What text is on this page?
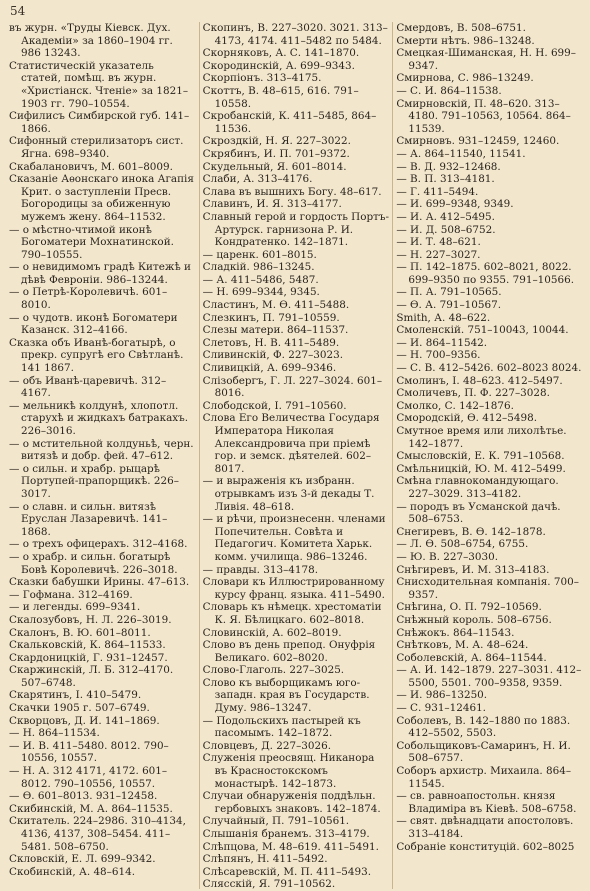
54

въ журн. «Труды Кіевск. Дух. Академіи» за 1860–1904 гг. 986 13243.

Статистическій указатель статей, помѣщ. въ журн. «Христіанск. Чтеніе» за 1821–1903 гг. 790–10554.

Сифилисъ Симбирской губ. 141–1866.

Сифонный стерилизаторъ сист. Ягна. 698–9340.

Скабалановичъ, М. 601–8009.

Сказаніе Аѳонскаго инока Агапія Крит. о заступленіи Пресв. Богородицы за обиженную мужемъ жену. 864–11532.

— о мѣстно-чтимой иконѣ Богоматери Мохнатинской. 790–10555.

— о невидимомъ градѣ Китежѣ и дѣвѣ Февроніи. 986–13244.

— о Петрѣ-Королевичѣ. 601–8010.

— о чудотв. иконѣ Богоматери Казанск. 312–4166.

Сказка объ Иванѣ-богатырѣ, о прекр. супругѣ его Свѣтланѣ. 141 1867.

— объ Иванѣ-царевичѣ. 312–4167.

— мельникѣ колдунѣ, хлопотл. старухѣ и жидкахъ батракахъ. 226–3016.

— о мстительной колдуньѣ, черн. витязѣ и добр. фей. 47–612.

— о сильн. и храбр. рыцарѣ Портупей-прапорщикѣ. 226–3017.

— о славн. и сильн. витязѣ Еруслан Лазаревичѣ. 141–1868.

— о трехъ офицерахъ. 312–4168.

— о храбр. и сильн. богатырѣ Бовѣ Королевичѣ. 226–3018.

Сказки бабушки Ирины. 47–613.

— Гофмана. 312–4169.

— и легенды. 699–9341.

Скалозубовъ, Н. Л. 226–3019.

Скалонъ, В. Ю. 601–8011.

Скальковскій, К. 864–11533.

Скардоницкій, Г. 931–12457.

Скаржинскій, Л. Б. 312–4170. 507–6748.

Скарятинъ, І. 410–5479.

Скачки 1905 г. 507–6749.

Скворцовъ, Д. И. 141–1869.

— Н. 864–11534.

— И. В. 411–5480. 8012. 790–10556, 10557.

— Н. А. 312 4171, 4172. 601–8012. 790–10556, 10557.

— Ѳ. 601–8013. 931–12458.

Скибинскій, М. А. 864–11535.

Скитатель. 224–2986. 310–4134, 4136, 4137, 308–5454. 411–5481. 508–6750.

Скловскій, Е. Л. 699–9342.

Скобинскій, А. 48–614.

Скопинъ, В. 227–3020. 3021. 313–4173, 4174. 411–5482 по 5484.

Скорняковъ, А. С. 141–1870.

Скородинскій, А. 699–9343.

Скорпіонъ. 313–4175.

Скоттъ, В. 48–615, 616. 791–10558.

Скробанскій, К. 411–5485, 864–11536.

Скроздкій, Н. Я. 227–3022.

Скрябинъ, И. П. 701–9372.

Скудельный, Я. 601–8014.

Слаби, А. 313–4176.

Слава въ вышнихъ Богу. 48–617.

Славинъ, И. Я. 313–4177.

Славный герой и гордость Портъ-Артурск. гарнизона Р. И. Кондратенко. 142–1871.

— царенк. 601–8015.

Сладкій. 986–13245.

— А. 411–5486, 5487.

— Н. 699–9344, 9345.

Сластинъ, М. Ѳ. 411–5488.

Слезкинъ, П. 791–10559.

Слезы матери. 864–11537.

Слетовъ, Н. В. 411–5489.

Сливинскій, Ф. 227–3023.

Сливицкій, А. 699–9346.

Слізобергъ, Г. Л. 227–3024. 601–8016.

Слободской, І. 791–10560.

Слова Его Величества Государя Императора Николая Александровича при пріемѣ гор. и земск. дѣятелей. 602–8017.

— и выраженія къ избранн. отрывкамъ изъ 3-й декады Т. Ливія. 48–618.

— и рѣчи, произнесенн. членами Попечительн. Совѣта и Педагогич. Комитета Харьк. комм. училища. 986–13246.

— правды. 313–4178.

Словари къ Иллюстрированному курсу франц. языка. 411–5490.

Словарь къ нѣмецк. хрестоматіи К. Я. Бѣлицкаго. 602–8018.

Словинскій, А. 602–8019.

Слово въ день препод. Онуфрія Великаго. 602–8020.

Слово-Глаголь. 227–3025.

Слово къ выборщикамъ юго-западн. края въ Государств. Думу. 986–13247.

— Подольскихъ пастырей къ пасомымъ. 142–1872.

Словцевъ, Д. 227–3026.

Служенія преосвящ. Никанора въ Красностокскомъ монастырѣ. 142–1873.

Случаи обнаруженія поддѣльн. гербовыхъ знаковъ. 142–1874.

Случайный, П. 791–10561.

Слышанія бранемъ. 313–4179.

Слѣпцова, М. 48–619. 411–5491.

Слѣпянъ, Н. 411–5492.

Слѣсаревскій, М. П. 411–5493.

Слясскій, Я. 791–10562.

Смердовъ, В. 508–6751.

Смерти нѣтъ. 986–13248.

Смецкая-Шиманская, Н. Н. 699–9347.

Смирнова, С. 986–13249.

— С. И. 864–11538.

Смирновскій, П. 48–620. 313–4180. 791–10563, 10564. 864–11539.

Смирновъ. 931–12459, 12460.

— А. 864–11540, 11541.

— В. Д. 932–12468.

— В. П. 313–4181.

— Г. 411–5494.

— И. 699–9348, 9349.

— И. А. 412–5495.

— И. Д. 508–6752.

— И. Т. 48–621.

— Н. 227–3027.

— П. 142–1875. 602–8021, 8022. 699–9350 по 9355. 791–10566.

— П. А. 791–10565.

— Ѳ. А. 791–10567.

Smith, А. 48–622.

Смоленскій. 751–10043, 10044.

— И. 864–11542.

— Н. 700–9356.

— С. В. 412–5426. 602–8023 8024.

Смолинъ, І. 48–623. 412–5497.

Смоличевъ, П. Ф. 227–3028.

Смолко, С. 142–1876.

Смородскій, Ѳ. 412–5498.

Смутное время или лихолѣтье. 142–1877.

Смысловскій, Е. К. 791–10568.

Смѣльницкій, Ю. М. 412–5499.

Смѣна главнокомандующаго. 227–3029. 313–4182.

— породъ въ Усманской дачѣ. 508–6753.

Снегиревъ, В. Ѳ. 142–1878.

— Л. Ѳ. 508–6754, 6755.

— Ю. В. 227–3030.

Снѣгиревъ, И. М. 313–4183.

Снисходительная компанія. 700–9357.

Снѣгина, О. П. 792–10569.

Снѣжный король. 508–6756.

Снѣжокъ. 864–11543.

Снѣтковъ, М. А. 48–624.

Соболевскій, А. 864–11544.

— А. И. 142–1879. 227–3031. 412–5500, 5501. 700–9358, 9359.

— И. 986–13250.

— С. 931–12461.

Соболевъ, В. 142–1880 по 1883. 412–5502, 5503.

Собольщиковъ-Самаринъ, Н. И. 508–6757.

Соборъ архистр. Михаила. 864–11545.

— св. равноапостольн. князя Владиміра въ Кіевѣ. 508–6758.

— свят. двѣнадцати апостоловъ. 313–4184.

Собраніе конституцій. 602–8025
